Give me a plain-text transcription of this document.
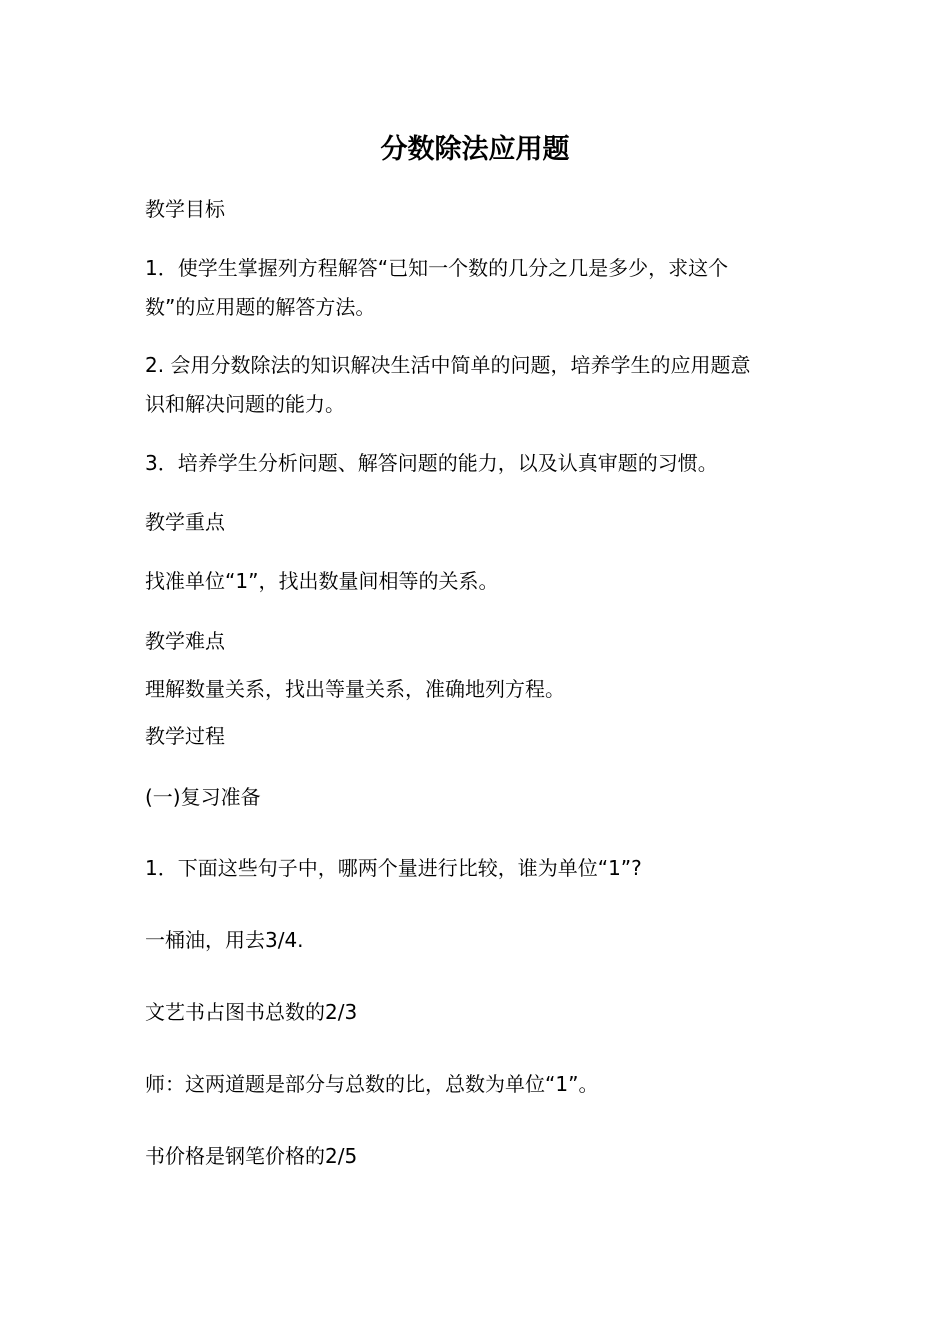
分数除法应用题
教学目标
1．使学生掌握列方程解答“已知一个数的几分之几是多少，求这个
数”的应用题的解答方法。
2. 会用分数除法的知识解决生活中简单的问题，培养学生的应用题意
识和解决问题的能力。
3．培养学生分析问题、解答问题的能力，以及认真审题的习惯。
教学重点
找准单位“1”，找出数量间相等的关系。
教学难点
理解数量关系，找出等量关系，准确地列方程。
教学过程
(一)复习准备
1．下面这些句子中，哪两个量进行比较，谁为单位“1”?
一桶油，用去3/4.
文艺书占图书总数的2/3
师：这两道题是部分与总数的比，总数为单位“1”。
书价格是钢笔价格的2/5
